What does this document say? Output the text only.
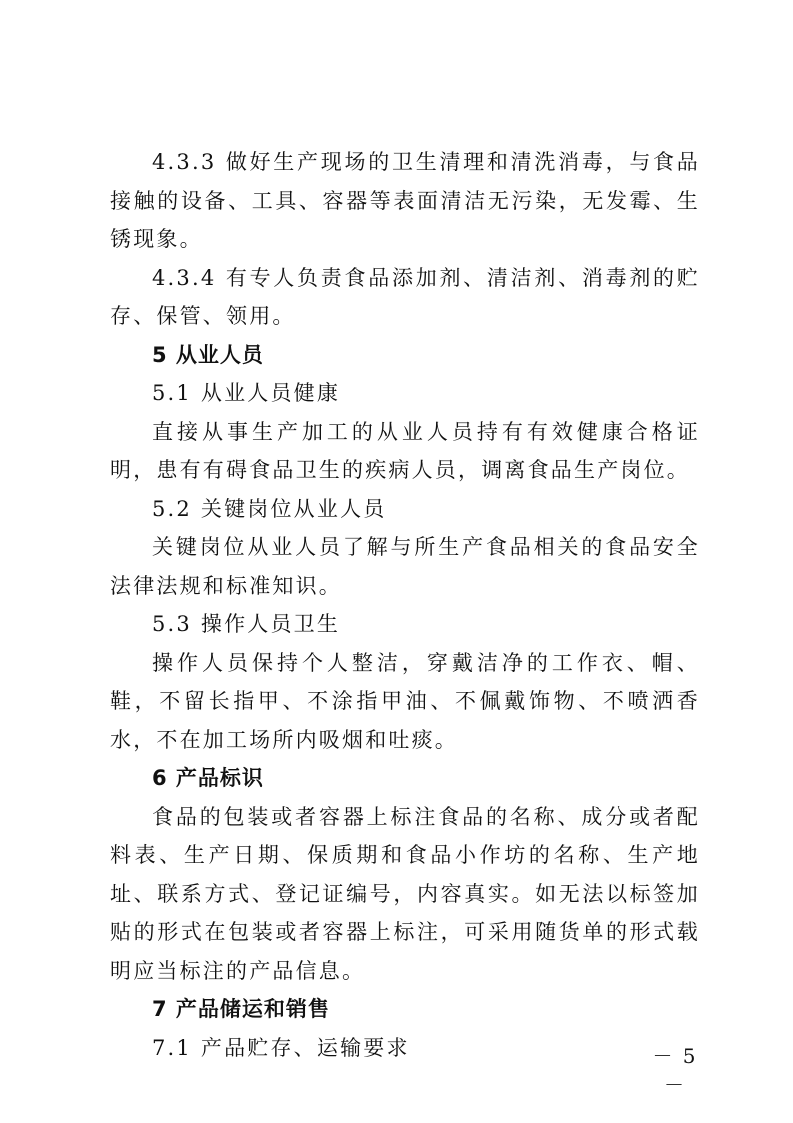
4.3.3 做好生产现场的卫生清理和清洗消毒，与食品接触的设备、工具、容器等表面清洁无污染，无发霉、生锈现象。

4.3.4 有专人负责食品添加剂、清洁剂、消毒剂的贮存、保管、领用。

5 从业人员

5.1 从业人员健康

直接从事生产加工的从业人员持有有效健康合格证明，患有有碍食品卫生的疾病人员，调离食品生产岗位。

5.2 关键岗位从业人员

关键岗位从业人员了解与所生产食品相关的食品安全法律法规和标准知识。

5.3 操作人员卫生

操作人员保持个人整洁，穿戴洁净的工作衣、帽、鞋，不留长指甲、不涂指甲油、不佩戴饰物、不喷洒香水，不在加工场所内吸烟和吐痰。

6 产品标识

食品的包装或者容器上标注食品的名称、成分或者配料表、生产日期、保质期和食品小作坊的名称、生产地址、联系方式、登记证编号，内容真实。如无法以标签加贴的形式在包装或者容器上标注，可采用随货单的形式载明应当标注的产品信息。

7 产品储运和销售

7.1 产品贮存、运输要求	－ 5 －
